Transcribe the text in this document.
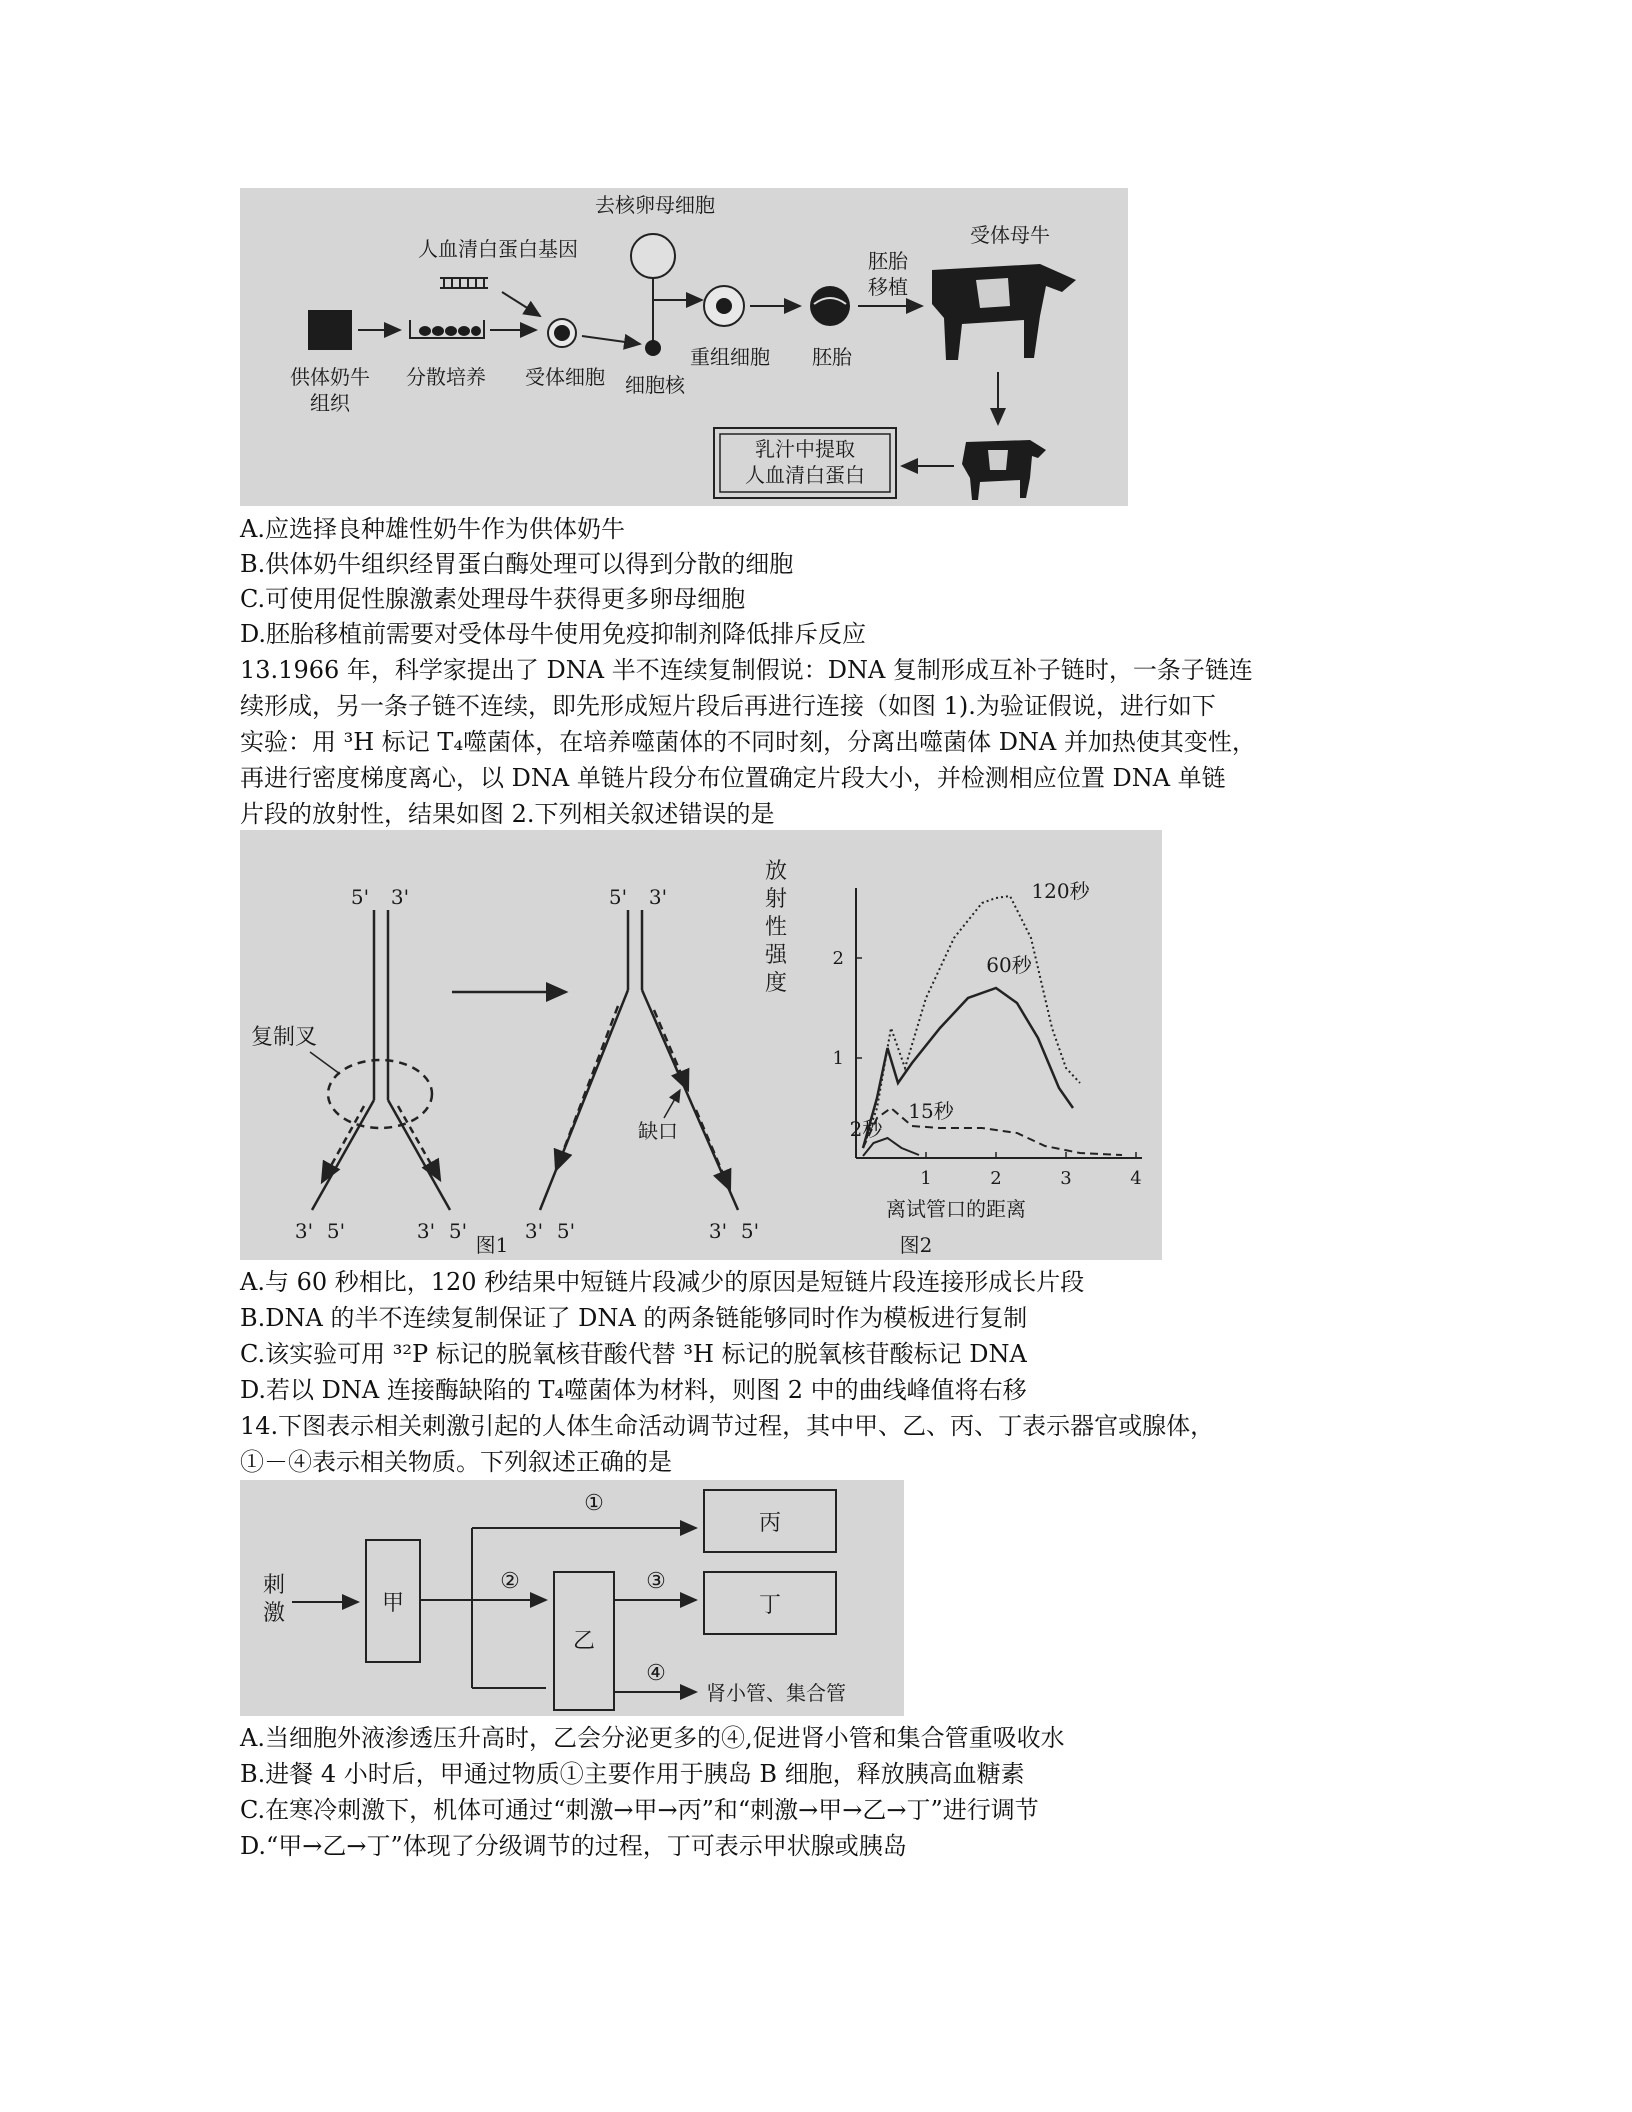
供体奶牛
组织
分散培养
人血清白蛋白基因
受体细胞
去核卵母细胞
细胞核
重组细胞 胚胎
胚胎
移植
受体母牛
乳汁中提取
人血清白蛋白
A.应选择良种雄性奶牛作为供体奶牛
B.供体奶牛组织经胃蛋白酶处理可以得到分散的细胞
C.可使用促性腺激素处理母牛获得更多卵母细胞
D.胚胎移植前需要对受体母牛使用免疫抑制剂降低排斥反应
13.1966 年，科学家提出了 DNA 半不连续复制假说：DNA 复制形成互补子链时，一条子链连
续形成，另一条子链不连续，即先形成短片段后再进行连接（如图 1).为验证假说，进行如下
实验：用 ³H 标记 T₄噬菌体，在培养噬菌体的不同时刻，分离出噬菌体 DNA 并加热使其变性，
再进行密度梯度离心，以 DNA 单链片段分布位置确定片段大小，并检测相应位置 DNA 单链
片段的放射性，结果如图 2.下列相关叙述错误的是
5' 3'
3' 5'	3' 5'
复制叉
5' 3'
3' 5'	3' 5'
缺口
图1
放
射
性
强
度
1	2	3	4
1
2
120秒
60秒
15秒
2秒
离试管口的距离
图2
A.与 60 秒相比，120 秒结果中短链片段减少的原因是短链片段连接形成长片段
B.DNA 的半不连续复制保证了 DNA 的两条链能够同时作为模板进行复制
C.该实验可用 ³²P 标记的脱氧核苷酸代替 ³H 标记的脱氧核苷酸标记 DNA
D.若以 DNA 连接酶缺陷的 T₄噬菌体为材料，则图 2 中的曲线峰值将右移
14.下图表示相关刺激引起的人体生命活动调节过程，其中甲、乙、丙、丁表示器官或腺体，
①－④表示相关物质。下列叙述正确的是
刺
激	甲
①
②
乙
③
④
丙
丁
肾小管、集合管
A.当细胞外液渗透压升高时，乙会分泌更多的④,促进肾小管和集合管重吸收水
B.进餐 4 小时后，甲通过物质①主要作用于胰岛 B 细胞，释放胰高血糖素
C.在寒冷刺激下，机体可通过“刺激→甲→丙”和“刺激→甲→乙→丁”进行调节
D.“甲→乙→丁”体现了分级调节的过程，丁可表示甲状腺或胰岛
